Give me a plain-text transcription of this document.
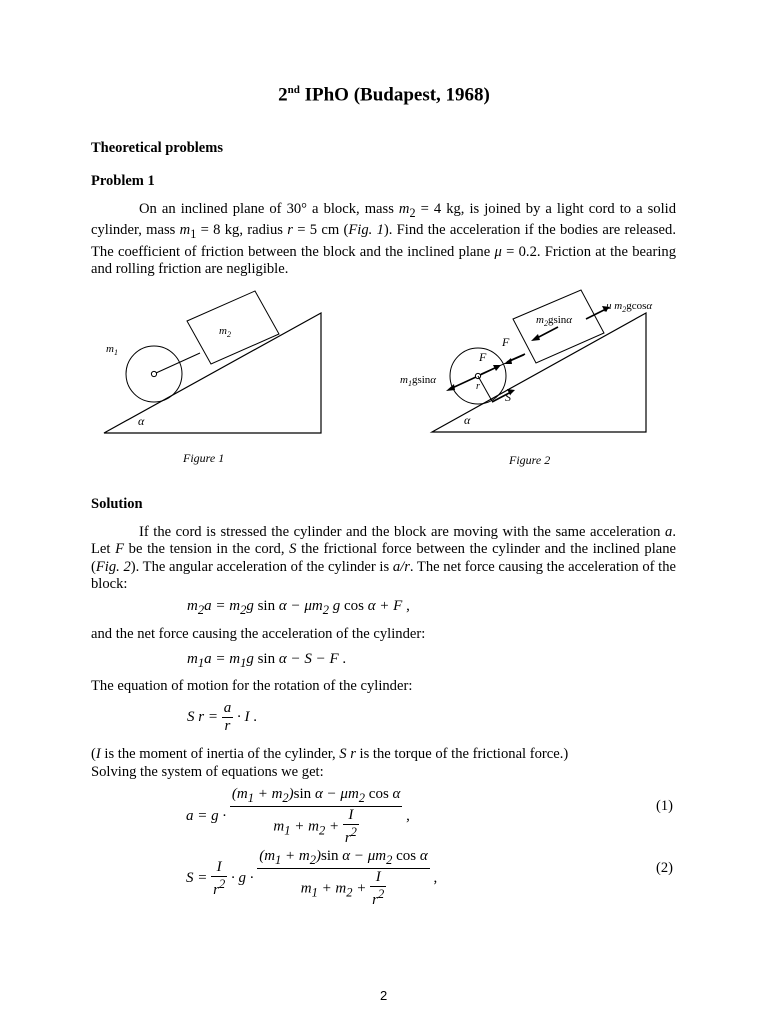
2nd IPhO (Budapest, 1968)
Theoretical problems
Problem 1
On an inclined plane of 30° a block, mass $m_2 = 4$ kg, is joined by a light cord to a solid cylinder, mass $m_1 = 8$ kg, radius r = 5 cm (Fig. 1). Find the acceleration if the bodies are released. The coefficient of friction between the block and the inclined plane μ = 0.2. Friction at the bearing and rolling friction are negligible.
$m_2$
$m_1$
α
μ $m_2gcos\alpha$
$m_2gsin\alpha$
$m_1gsin\alpha$
F
F
r
S
α
Figure 1	Figure 2
Solution
If the cord is stressed the cylinder and the block are moving with the same acceleration a. Let F be the tension in the cord, S the frictional force between the cylinder and the inclined plane (Fig. 2). The angular acceleration of the cylinder is a/r. The net force causing the acceleration of the block:
$m_2a = m_2g$ $\sin \alpha - \mu m_2$ g cos α + F ,
and the net force causing the acceleration of the cylinder:
$m_1a = m_1g$ sin α − S − F .
The equation of motion for the rotation of the cylinder:
S $r = \frac{a}{r} \cdot I$ .
(I is the moment of inertia of the cylinder, S r is the torque of the frictional force.)
Solving the system of equations we get:
$a = g \cdot \frac{(m_1 + m_2)\sin \alpha - \mu m_2 \cos \alpha}{m_1 + m_2 + \frac{I}{r^2}}$ ,
(1)
$S = \frac{I}{r^2} \cdot g \cdot \frac{(m_1 + m_2)\sin \alpha - \mu m_2 \cos \alpha}{m_1 + m_2 + \frac{I}{r^2}}$ ,
(2)
2
